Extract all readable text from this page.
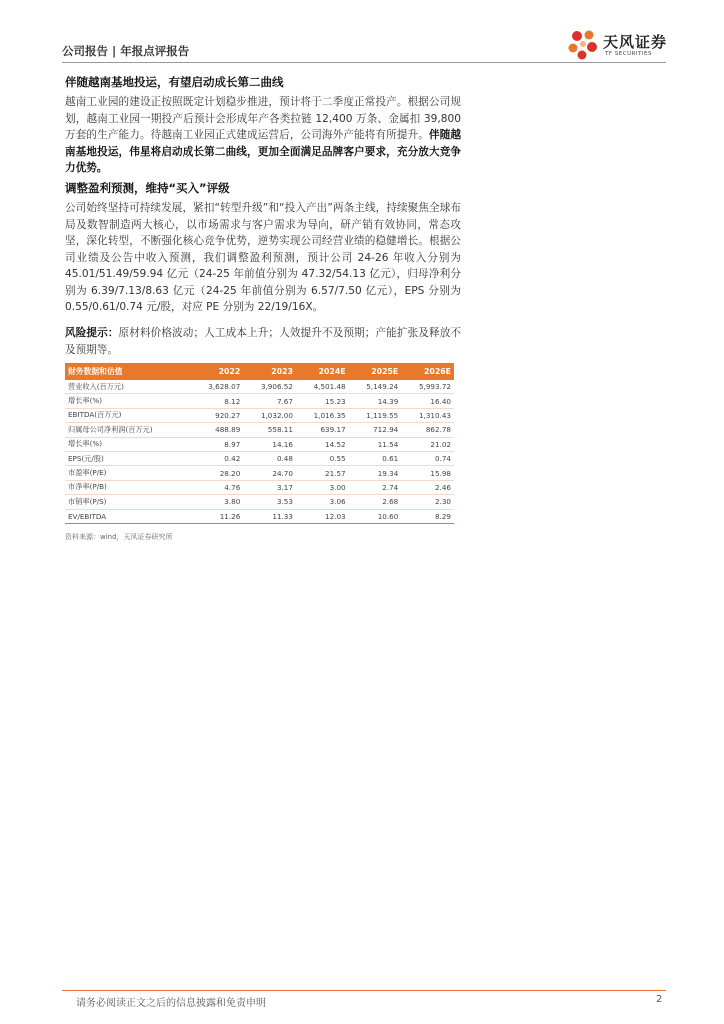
公司报告 | 年报点评报告	天风证券
TF SECURITIES
伴随越南基地投运，有望启动成长第二曲线
越南工业园的建设正按照既定计划稳步推进，预计将于二季度正常投产。根据公司规划，越南工业园一期投产后预计会形成年产各类拉链 12,400 万条、金属扣 39,800 万套的生产能力。待越南工业园正式建成运营后，公司海外产能将有所提升。伴随越南基地投运，伟星将启动成长第二曲线，更加全面满足品牌客户要求，充分放大竞争力优势。
调整盈利预测，维持“买入”评级
公司始终坚持可持续发展，紧扣“转型升级”和“投入产出”两条主线，持续聚焦全球布局及数智制造两大核心，以市场需求与客户需求为导向，研产销有效协同，常态攻坚，深化转型，不断强化核心竞争优势，逆势实现公司经营业绩的稳健增长。根据公司业绩及公告中收入预测，我们调整盈利预测，预计公司 24-26 年收入分别为 45.01/51.49/59.94 亿元（24-25 年前值分别为 47.32/54.13 亿元），归母净利分别为 6.39/7.13/8.63 亿元（24-25 年前值分别为 6.57/7.50 亿元），EPS 分别为 0.55/0.61/0.74 元/股，对应 PE 分别为 22/19/16X。
风险提示：原材料价格波动；人工成本上升；人效提升不及预期；产能扩张及释放不及预期等。
财务数据和估值	2022	2023	2024E	2025E	2026E
营业收入(百万元)	3,628.07	3,906.52	4,501.48	5,149.24	5,993.72
增长率(%)	8.12	7.67	15.23	14.39	16.40
EBITDA(百万元)	920.27	1,032.00	1,016.35	1,119.55	1,310.43
归属母公司净利润(百万元)	488.89	558.11	639.17	712.94	862.78
增长率(%)	8.97	14.16	14.52	11.54	21.02
EPS(元/股)	0.42	0.48	0.55	0.61	0.74
市盈率(P/E)	28.20	24.70	21.57	19.34	15.98
市净率(P/B)	4.76	3.17	3.00	2.74	2.46
市销率(P/S)	3.80	3.53	3.06	2.68	2.30
EV/EBITDA	11.26	11.33	12.03	10.60	8.29
资料来源：wind，天风证券研究所
请务必阅读正文之后的信息披露和免责申明	2
